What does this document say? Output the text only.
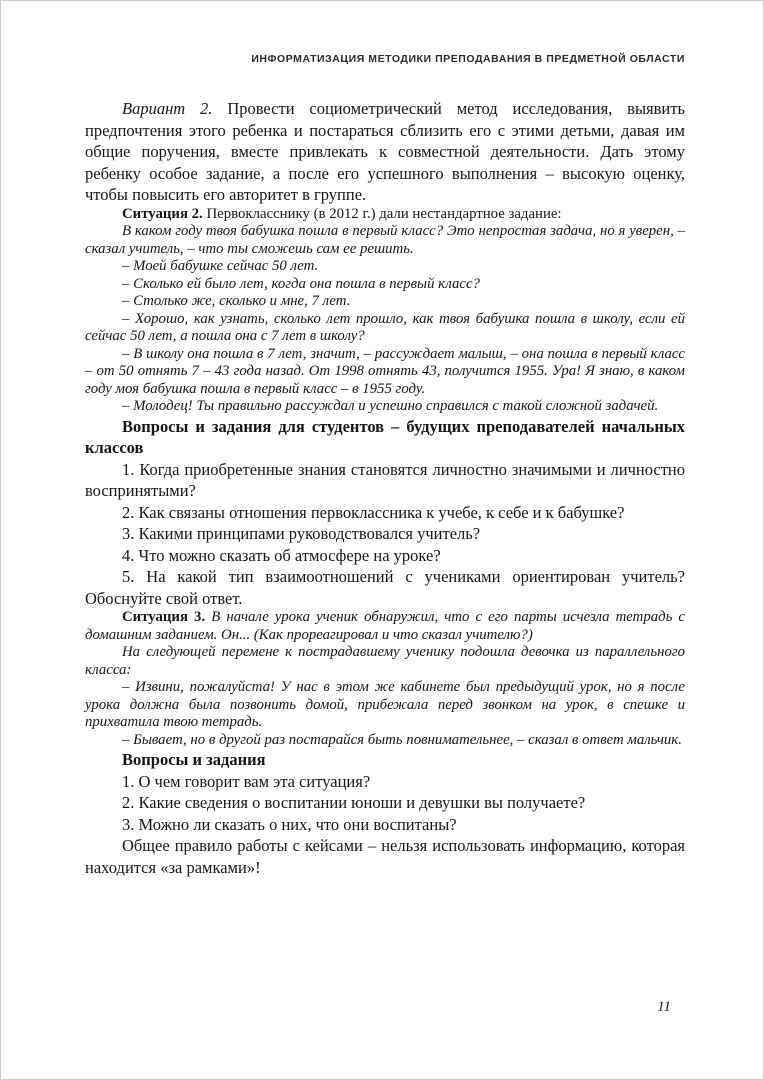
ИНФОРМАТИЗАЦИЯ МЕТОДИКИ ПРЕПОДАВАНИЯ В ПРЕДМЕТНОЙ ОБЛАСТИ

Вариант 2. Провести социометрический метод исследования, выявить предпочтения этого ребенка и постараться сблизить его с этими детьми, давая им общие поручения, вместе привлекать к совместной деятельности. Дать этому ребенку особое задание, а после его успешного выполнения – высокую оценку, чтобы повысить его авторитет в группе.

Ситуация 2. Первокласснику (в 2012 г.) дали нестандартное задание:

В каком году твоя бабушка пошла в первый класс? Это непростая задача, но я уверен, – сказал учитель, – что ты сможешь сам ее решить.

– Моей бабушке сейчас 50 лет.

– Сколько ей было лет, когда она пошла в первый класс?

– Столько же, сколько и мне, 7 лет.

– Хорошо, как узнать, сколько лет прошло, как твоя бабушка пошла в школу, если ей сейчас 50 лет, а пошла она с 7 лет в школу?

– В школу она пошла в 7 лет, значит, – рассуждает малыш, – она пошла в первый класс – от 50 отнять 7 – 43 года назад. От 1998 отнять 43, получится 1955. Ура! Я знаю, в каком году моя бабушка пошла в первый класс – в 1955 году.

– Молодец! Ты правильно рассуждал и успешно справился с такой сложной задачей.

Вопросы и задания для студентов – будущих преподавателей начальных классов

1. Когда приобретенные знания становятся личностно значимыми и личностно воспринятыми?

2. Как связаны отношения первоклассника к учебе, к себе и к бабушке?

3. Какими принципами руководствовался учитель?

4. Что можно сказать об атмосфере на уроке?

5. На какой тип взаимоотношений с учениками ориентирован учитель? Обоснуйте свой ответ.

Ситуация 3. В начале урока ученик обнаружил, что с его парты исчезла тетрадь с домашним заданием. Он... (Как прореагировал и что сказал учителю?)

На следующей перемене к пострадавшему ученику подошла девочка из параллельного класса:

– Извини, пожалуйста! У нас в этом же кабинете был предыдущий урок, но я после урока должна была позвонить домой, прибежала перед звонком на урок, в спешке и прихватила твою тетрадь.

– Бывает, но в другой раз постарайся быть повнимательнее, – сказал в ответ мальчик.

Вопросы и задания

1. О чем говорит вам эта ситуация?

2. Какие сведения о воспитании юноши и девушки вы получаете?

3. Можно ли сказать о них, что они воспитаны?

Общее правило работы с кейсами – нельзя использовать информацию, которая находится «за рамками»!

11
